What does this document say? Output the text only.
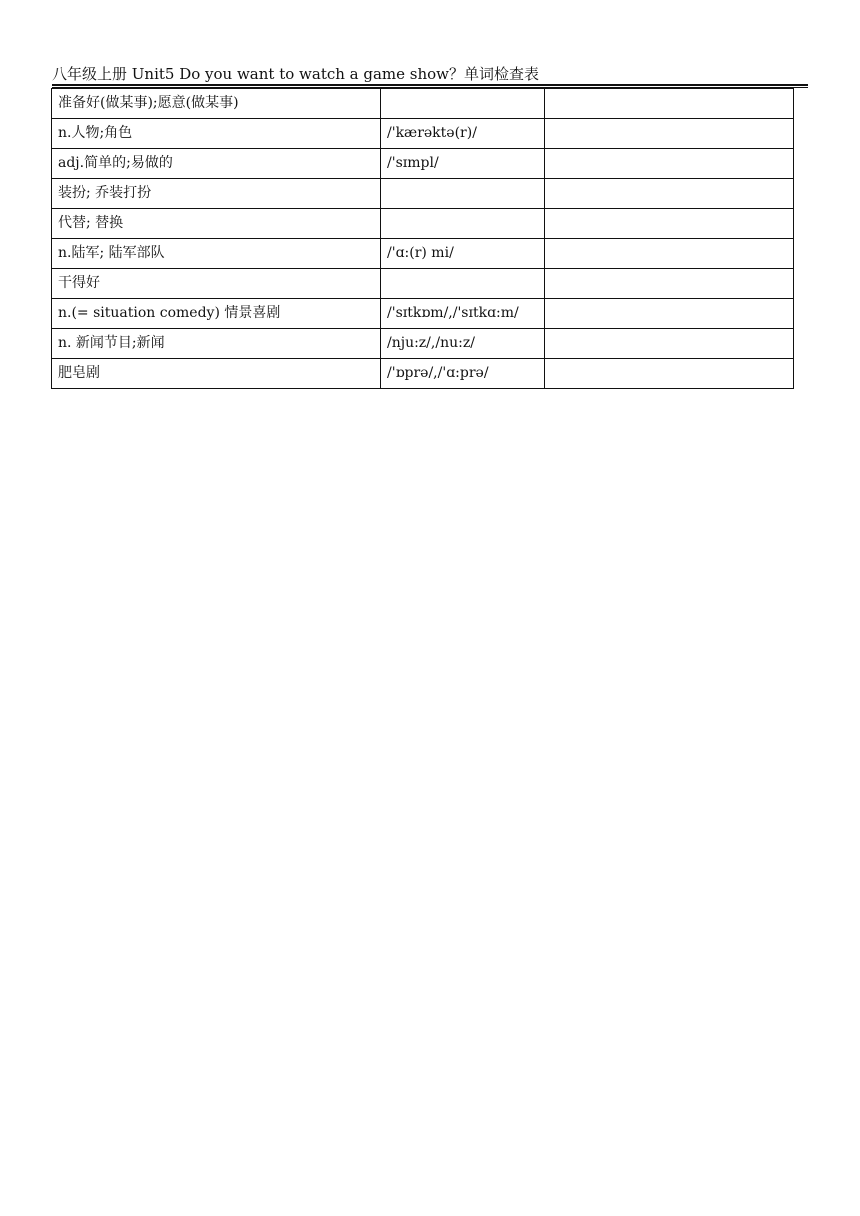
八年级上册 Unit5 Do you want to watch a game show？单词检查表
准备好(做某事);愿意(做某事)		
n.人物;角色	/'kærəktə(r)/	
adj.简单的;易做的	/'sɪmpl/	
装扮; 乔装打扮		
代替; 替换		
n.陆军; 陆军部队	/'ɑ:(r) mi/	
干得好		
n.(= situation comedy) 情景喜剧	/'sɪtkɒm/,/'sɪtkɑ:m/	
n. 新闻节目;新闻	/nju:z/,/nu:z/	
肥皂剧	/'ɒprə/,/'ɑ:prə/	
